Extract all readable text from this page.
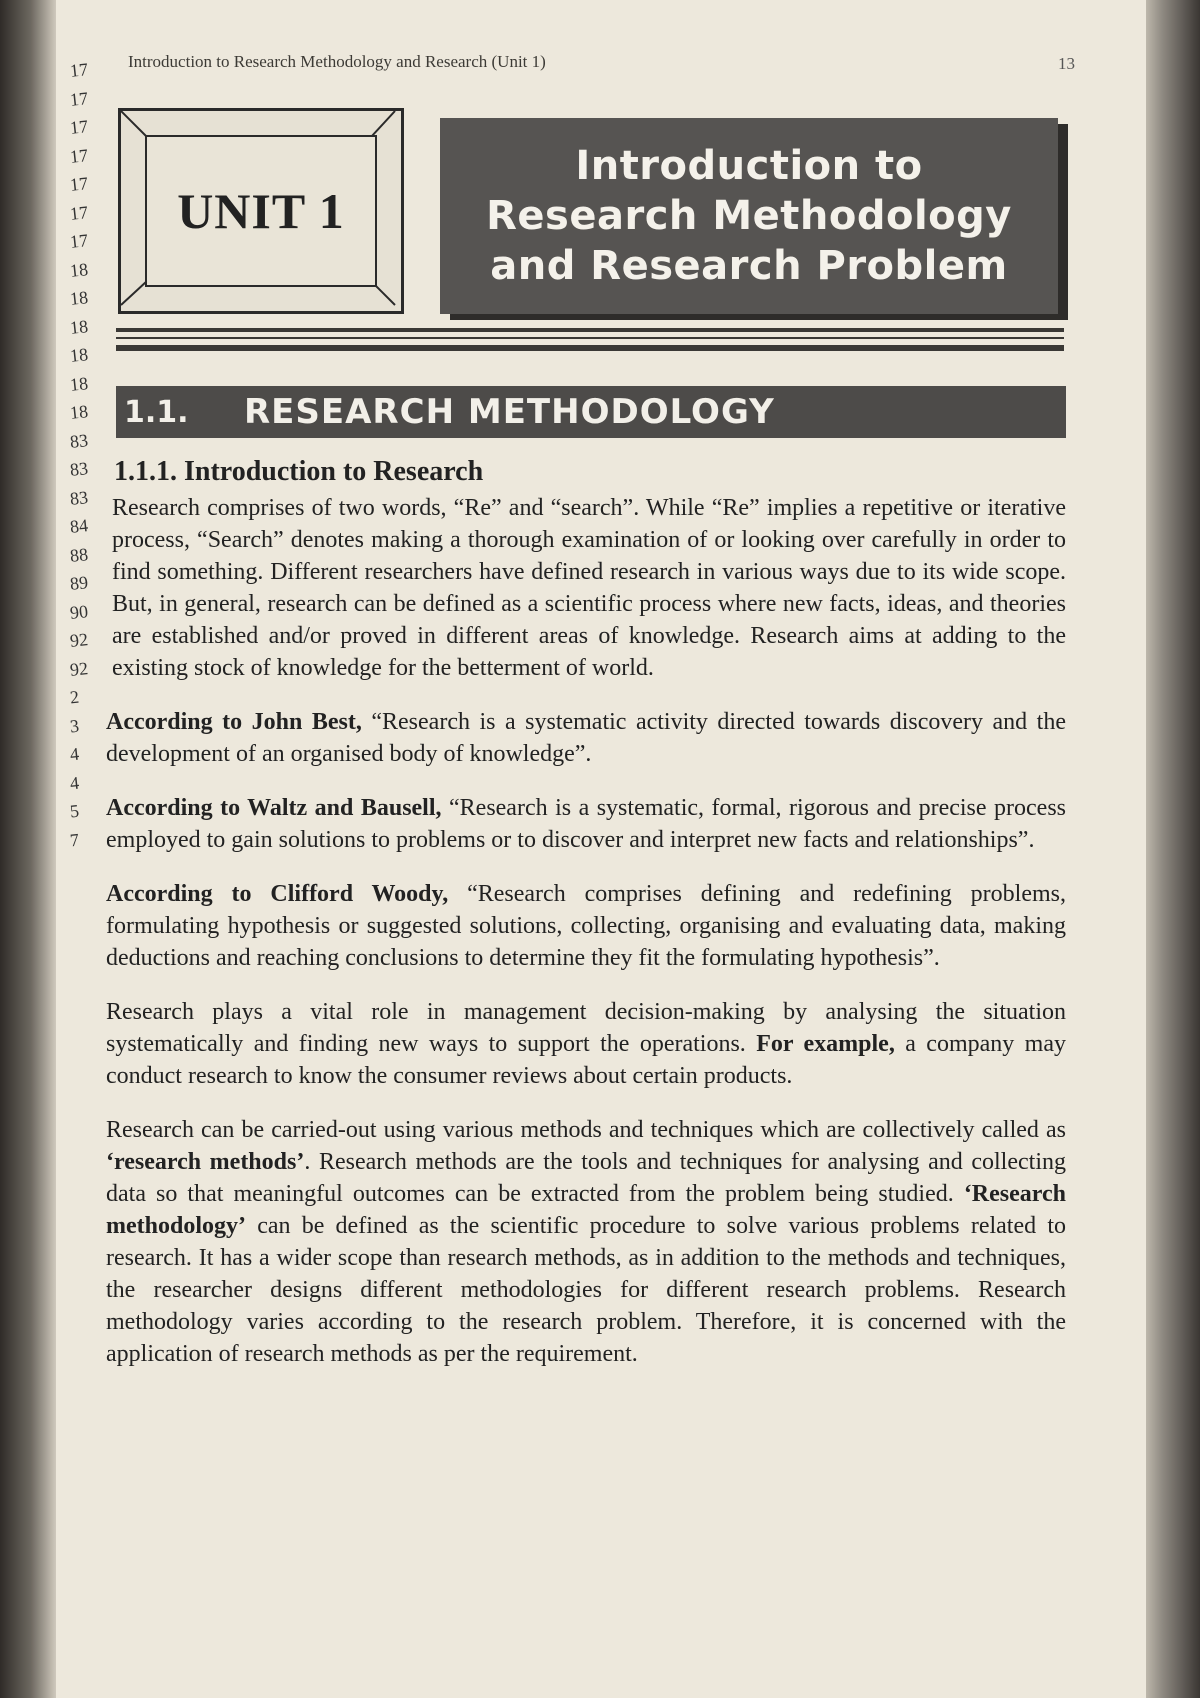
17
17
17
17
17
17
17
18
18
18
18
18
18
83
83
83
84
88
89
90
92
92
2
3
4
4
5
7
Introduction to Research Methodology and Research (Unit 1)	13
UNIT 1
Introduction to
Research Methodology
and Research Problem
1.1.	RESEARCH METHODOLOGY
1.1.1. Introduction to Research

Research comprises of two words, “Re” and “search”. While “Re” implies a repetitive or iterative process, “Search” denotes making a thorough examination of or looking over carefully in order to find something. Different researchers have defined research in various ways due to its wide scope. But, in general, research can be defined as a scientific process where new facts, ideas, and theories are established and/or proved in different areas of knowledge. Research aims at adding to the existing stock of knowledge for the betterment of world.

According to John Best, “Research is a systematic activity directed towards discovery and the development of an organised body of knowledge”.

According to Waltz and Bausell, “Research is a systematic, formal, rigorous and precise process employed to gain solutions to problems or to discover and interpret new facts and relationships”.

According to Clifford Woody, “Research comprises defining and redefining problems, formulating hypothesis or suggested solutions, collecting, organising and evaluating data, making deductions and reaching conclusions to determine they fit the formulating hypothesis”.

Research plays a vital role in management decision-making by analysing the situation systematically and finding new ways to support the operations. For example, a company may conduct research to know the consumer reviews about certain products.

Research can be carried-out using various methods and techniques which are collectively called as ‘research methods’. Research methods are the tools and techniques for analysing and collecting data so that meaningful outcomes can be extracted from the problem being studied. ‘Research methodology’ can be defined as the scientific procedure to solve various problems related to research. It has a wider scope than research methods, as in addition to the methods and techniques, the researcher designs different methodologies for different research problems. Research methodology varies according to the research problem. Therefore, it is concerned with the application of research methods as per the requirement.
